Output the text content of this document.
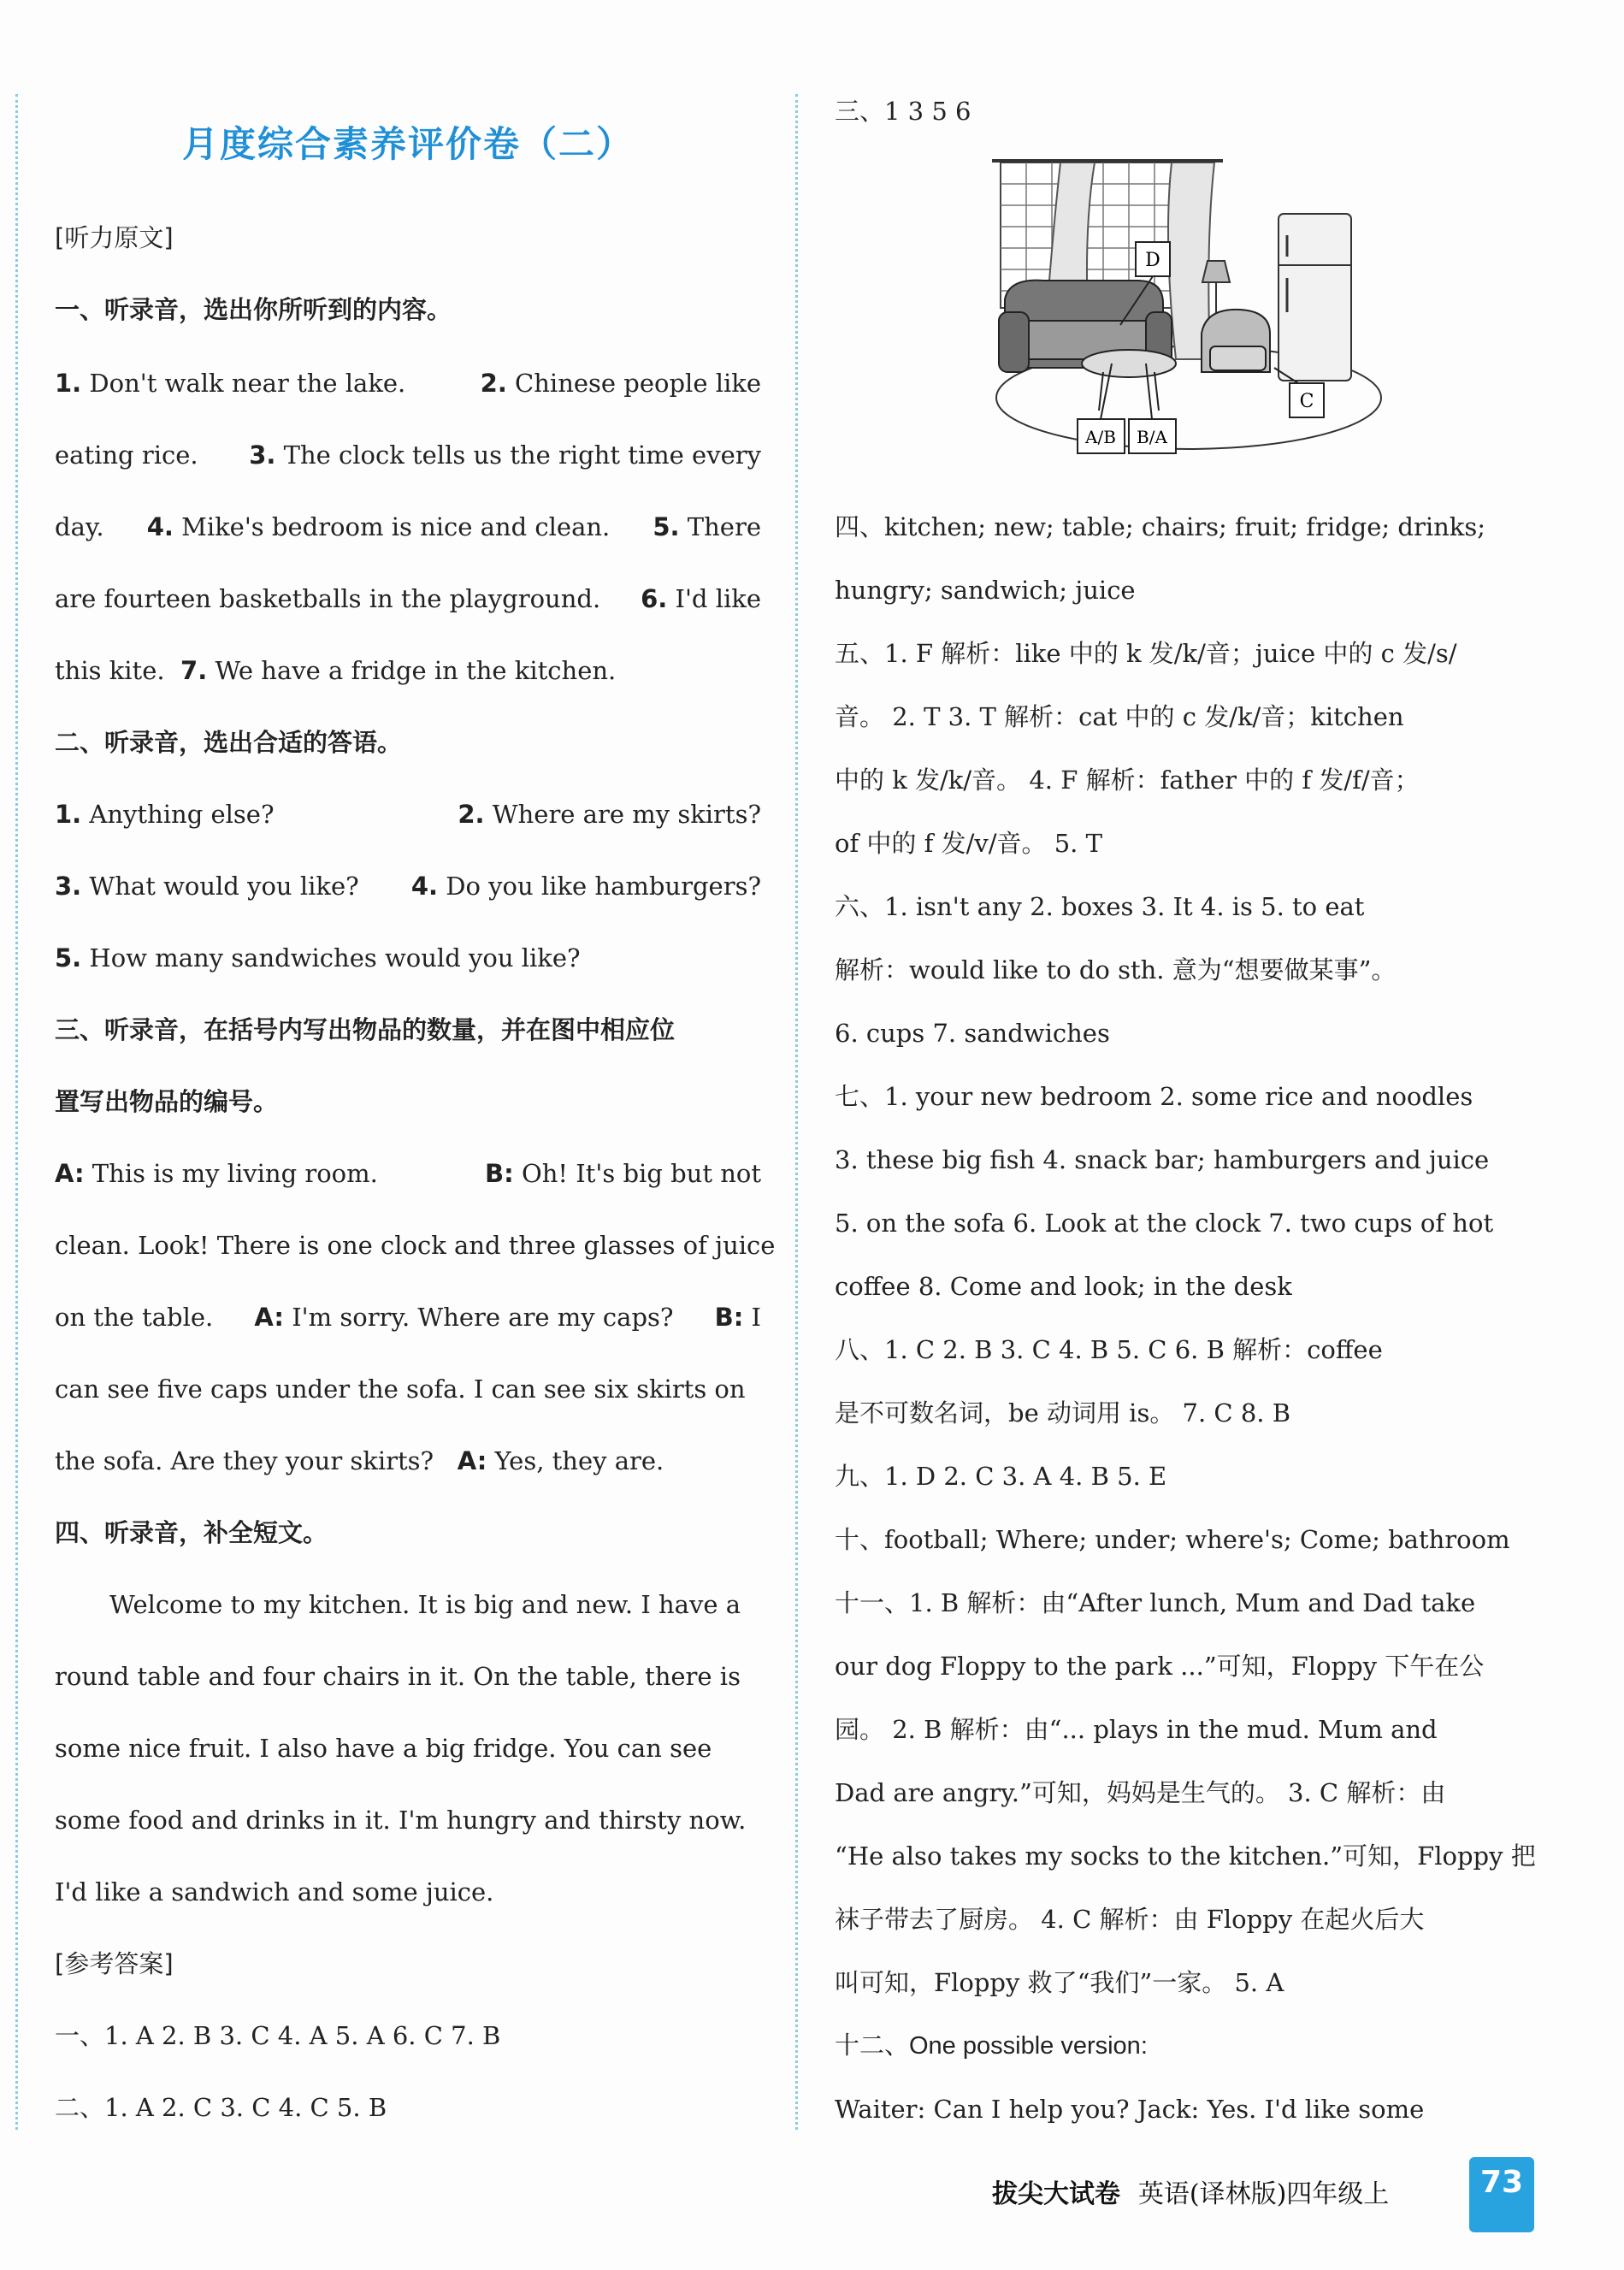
月度综合素养评价卷（二）
[听力原文]
一、听录音，选出你所听到的内容。
1. Don't walk near the lake.	2. Chinese people like
eating rice. 3. The clock tells us the right time every
day. 4. Mike's bedroom is nice and clean. 5. There
are fourteen basketballs in the playground. 6. I'd like
this kite. 7. We have a fridge in the kitchen.
二、听录音，选出合适的答语。
1. Anything else?	2. Where are my skirts?
3. What would you like? 4. Do you like hamburgers?
5. How many sandwiches would you like?
三、听录音，在括号内写出物品的数量，并在图中相应位
置写出物品的编号。
A: This is my living room.	B: Oh! It's big but not
clean. Look! There is one clock and three glasses of juice
on the table. A: I'm sorry. Where are my caps? B: I
can see five caps under the sofa. I can see six skirts on
the sofa. Are they your skirts? A: Yes, they are.
四、听录音，补全短文。
Welcome to my kitchen. It is big and new. I have a
round table and four chairs in it. On the table, there is
some nice fruit. I also have a big fridge. You can see
some food and drinks in it. I'm hungry and thirsty now.
I'd like a sandwich and some juice.
[参考答案]
一、1. A 2. B 3. C 4. A 5. A 6. C 7. B
二、1. A 2. C 3. C 4. C 5. B
三、1 3 5 6
D
C
A/B B/A
四、kitchen; new; table; chairs; fruit; fridge; drinks;
hungry; sandwich; juice
五、1. F 解析：like 中的 k 发/k/音；juice 中的 c 发/s/
音。 2. T 3. T 解析：cat 中的 c 发/k/音；kitchen
中的 k 发/k/音。 4. F 解析：father 中的 f 发/f/音；
of 中的 f 发/v/音。 5. T
六、1. isn't any 2. boxes 3. It 4. is 5. to eat
解析：would like to do sth. 意为“想要做某事”。
6. cups 7. sandwiches
七、1. your new bedroom 2. some rice and noodles
3. these big fish 4. snack bar; hamburgers and juice
5. on the sofa 6. Look at the clock 7. two cups of hot
coffee 8. Come and look; in the desk
八、1. C 2. B 3. C 4. B 5. C 6. B 解析：coffee
是不可数名词，be 动词用 is。 7. C 8. B
九、1. D 2. C 3. A 4. B 5. E
十、football; Where; under; where's; Come; bathroom
十一、1. B 解析：由“After lunch, Mum and Dad take
our dog Floppy to the park ...”可知，Floppy 下午在公
园。 2. B 解析：由“... plays in the mud. Mum and
Dad are angry.”可知，妈妈是生气的。 3. C 解析：由
“He also takes my socks to the kitchen.”可知，Floppy 把
袜子带去了厨房。 4. C 解析：由 Floppy 在起火后大
叫可知，Floppy 救了“我们”一家。 5. A
十二、One possible version:
Waiter: Can I help you? Jack: Yes. I'd like some
拔尖大试卷 英语(译林版)四年级上	73
